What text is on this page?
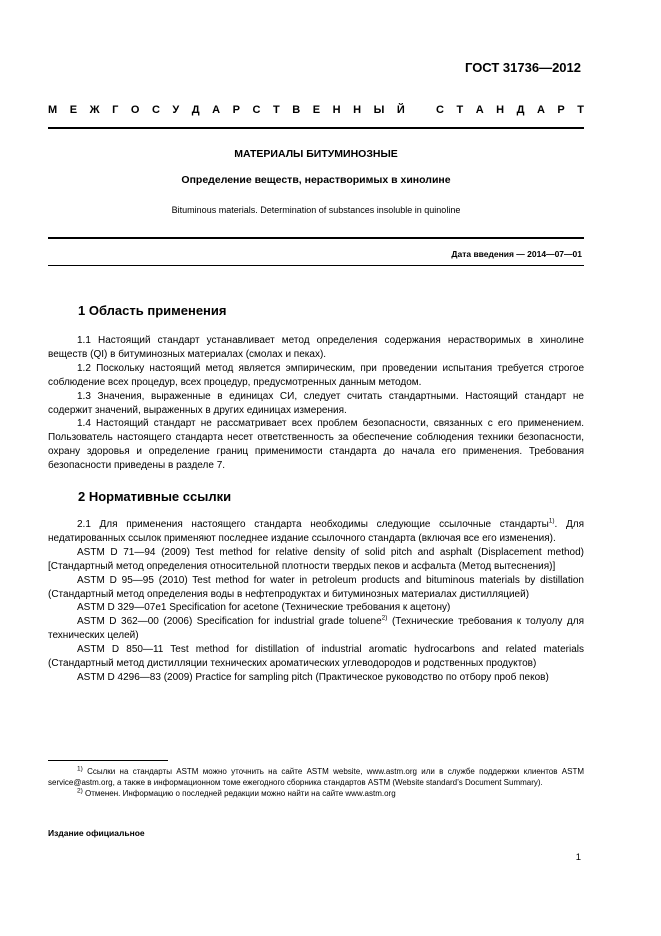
ГОСТ 31736—2012
М Е Ж Г О С У Д А Р С Т В Е Н Н Ы Й	С Т А Н Д А Р Т
МАТЕРИАЛЫ БИТУМИНОЗНЫЕ
Определение веществ, нерастворимых в хинолине
Bituminous materials. Determination of substances insoluble in quinoline
Дата введения — 2014—07—01
1 Область применения

1.1 Настоящий стандарт устанавливает метод определения содержания нерастворимых в хинолине веществ (QI) в битуминозных материалах (смолах и пеках).

1.2 Поскольку настоящий метод является эмпирическим, при проведении испытания требуется строгое соблюдение всех процедур, всех процедур, предусмотренных данным методом.

1.3 Значения, выраженные в единицах СИ, следует считать стандартными. Настоящий стандарт не содержит значений, выраженных в других единицах измерения.

1.4 Настоящий стандарт не рассматривает всех проблем безопасности, связанных с его применением. Пользователь настоящего стандарта несет ответственность за обеспечение соблюдения техники безопасности, охрану здоровья и определение границ применимости стандарта до начала его применения. Требования безопасности приведены в разделе 7.

2 Нормативные ссылки

2.1 Для применения настоящего стандарта необходимы следующие ссылочные стандарты$^{1)}$. Для недатированных ссылок применяют последнее издание ссылочного стандарта (включая все его изменения).

ASTM D 71—94 (2009) Test method for relative density of solid pitch and asphalt (Displacement method) [Стандартный метод определения относительной плотности твердых пеков и асфальта (Метод вытеснения)]

ASTM D 95—95 (2010) Test method for water in petroleum products and bituminous materials by distillation (Стандартный метод определения воды в нефтепродуктах и битуминозных материалах дистилляцией)

ASTM D 329—07e1 Specification for acetone (Технические требования к ацетону)

ASTM D 362—00 (2006) Specification for industrial grade toluene$^{2)}$ (Технические требования к толуолу для технических целей)

ASTM D 850—11 Test method for distillation of industrial aromatic hydrocarbons and related materials (Стандартный метод дистилляции технических ароматических углеводородов и родственных продуктов)

ASTM D 4296—83 (2009) Practice for sampling pitch (Практическое руководство по отбору проб пеков)

$^{1)}$ Ссылки на стандарты ASTM можно уточнить на сайте ASTM website, www.astm.org или в службе поддержки клиентов ASTM service@astm.org, а также в информационном томе ежегодного сборника стандартов ASTM (Website standard’s Document Summary).

$^{2)}$ Отменен. Информацию о последней редакции можно найти на сайте www.astm.org

Издание официальное
1
